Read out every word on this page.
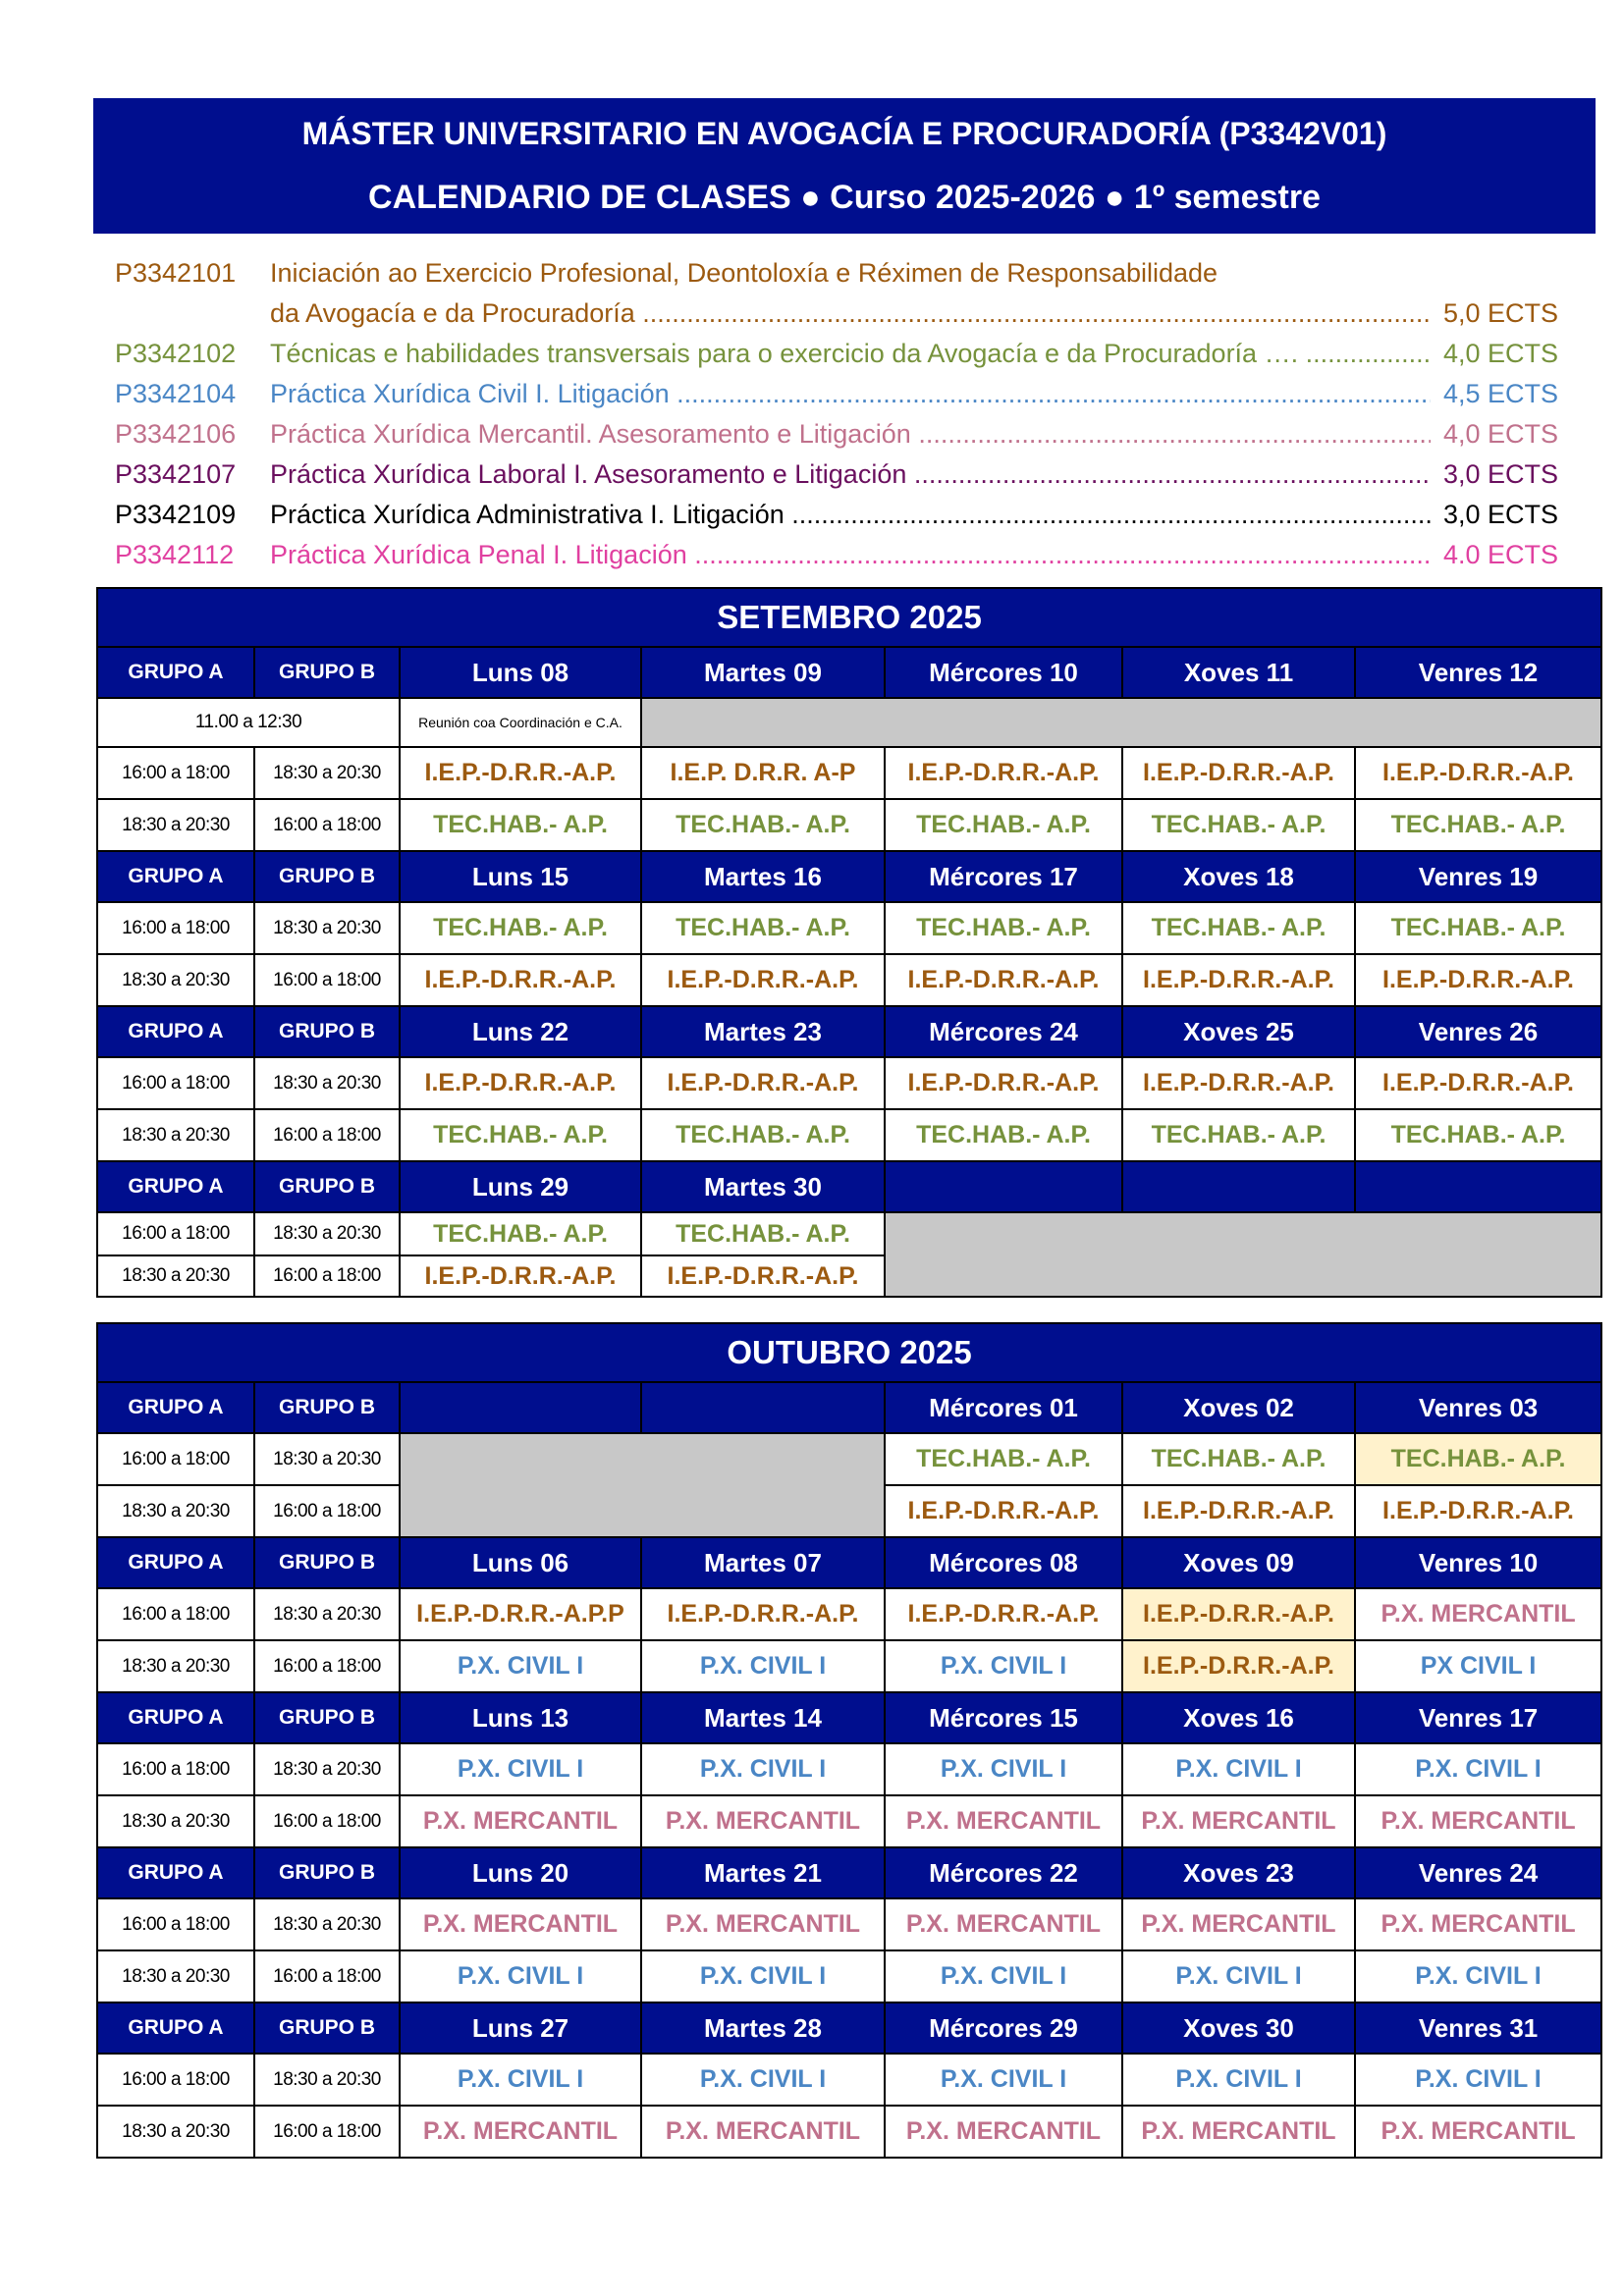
MÁSTER UNIVERSITARIO EN AVOGACÍA E PROCURADORÍA (P3342V01)
CALENDARIO DE CLASES ● Curso 2025-2026 ● 1º semestre
P3342101 Iniciación ao Exercicio Profesional, Deontoloxía e Réximen de Responsabilidade
da Avogacía e da Procuradoría .....	5,0 ECTS
P3342102 Técnicas e habilidades transversais para o exercicio da Avogacía e da Procuradoría …. .....	4,0 ECTS
P3342104 Práctica Xurídica Civil I. Litigación .....	4,5 ECTS
P3342106 Práctica Xurídica Mercantil. Asesoramento e Litigación .....	4,0 ECTS
P3342107 Práctica Xurídica Laboral I. Asesoramento e Litigación .....	3,0 ECTS
P3342109 Práctica Xurídica Administrativa I. Litigación .....	3,0 ECTS
P3342112 Práctica Xurídica Penal I. Litigación .....	4.0 ECTS
SETEMBRO 2025						
GRUPO A	GRUPO B	Luns 08	Martes 09	Mércores 10	Xoves 11	Venres 12
11.00 a 12:30		Reunión coa Coordinación e C.A.				
16:00 a 18:00	18:30 a 20:30	I.E.P.-D.R.R.-A.P.	I.E.P. D.R.R. A-P	I.E.P.-D.R.R.-A.P.	I.E.P.-D.R.R.-A.P.	I.E.P.-D.R.R.-A.P.
18:30 a 20:30	16:00 a 18:00	TEC.HAB.- A.P.	TEC.HAB.- A.P.	TEC.HAB.- A.P.	TEC.HAB.- A.P.	TEC.HAB.- A.P.
GRUPO A	GRUPO B	Luns 15	Martes 16	Mércores 17	Xoves 18	Venres 19
16:00 a 18:00	18:30 a 20:30	TEC.HAB.- A.P.	TEC.HAB.- A.P.	TEC.HAB.- A.P.	TEC.HAB.- A.P.	TEC.HAB.- A.P.
18:30 a 20:30	16:00 a 18:00	I.E.P.-D.R.R.-A.P.	I.E.P.-D.R.R.-A.P.	I.E.P.-D.R.R.-A.P.	I.E.P.-D.R.R.-A.P.	I.E.P.-D.R.R.-A.P.
GRUPO A	GRUPO B	Luns 22	Martes 23	Mércores 24	Xoves 25	Venres 26
16:00 a 18:00	18:30 a 20:30	I.E.P.-D.R.R.-A.P.	I.E.P.-D.R.R.-A.P.	I.E.P.-D.R.R.-A.P.	I.E.P.-D.R.R.-A.P.	I.E.P.-D.R.R.-A.P.
18:30 a 20:30	16:00 a 18:00	TEC.HAB.- A.P.	TEC.HAB.- A.P.	TEC.HAB.- A.P.	TEC.HAB.- A.P.	TEC.HAB.- A.P.
GRUPO A	GRUPO B	Luns 29	Martes 30			
16:00 a 18:00	18:30 a 20:30	TEC.HAB.- A.P.	TEC.HAB.- A.P.			
18:30 a 20:30	16:00 a 18:00	I.E.P.-D.R.R.-A.P.	I.E.P.-D.R.R.-A.P.			
OUTUBRO 2025						
GRUPO A	GRUPO B			Mércores 01	Xoves 02	Venres 03
16:00 a 18:00	18:30 a 20:30			TEC.HAB.- A.P.	TEC.HAB.- A.P.	TEC.HAB.- A.P.
18:30 a 20:30	16:00 a 18:00			I.E.P.-D.R.R.-A.P.	I.E.P.-D.R.R.-A.P.	I.E.P.-D.R.R.-A.P.
GRUPO A	GRUPO B	Luns 06	Martes 07	Mércores 08	Xoves 09	Venres 10
16:00 a 18:00	18:30 a 20:30	I.E.P.-D.R.R.-A.P.P	I.E.P.-D.R.R.-A.P.	I.E.P.-D.R.R.-A.P.	I.E.P.-D.R.R.-A.P.	P.X. MERCANTIL
18:30 a 20:30	16:00 a 18:00	P.X. CIVIL I	P.X. CIVIL I	P.X. CIVIL I	I.E.P.-D.R.R.-A.P.	PX CIVIL I
GRUPO A	GRUPO B	Luns 13	Martes 14	Mércores 15	Xoves 16	Venres 17
16:00 a 18:00	18:30 a 20:30	P.X. CIVIL I	P.X. CIVIL I	P.X. CIVIL I	P.X. CIVIL I	P.X. CIVIL I
18:30 a 20:30	16:00 a 18:00	P.X. MERCANTIL	P.X. MERCANTIL	P.X. MERCANTIL	P.X. MERCANTIL	P.X. MERCANTIL
GRUPO A	GRUPO B	Luns 20	Martes 21	Mércores 22	Xoves 23	Venres 24
16:00 a 18:00	18:30 a 20:30	P.X. MERCANTIL	P.X. MERCANTIL	P.X. MERCANTIL	P.X. MERCANTIL	P.X. MERCANTIL
18:30 a 20:30	16:00 a 18:00	P.X. CIVIL I	P.X. CIVIL I	P.X. CIVIL I	P.X. CIVIL I	P.X. CIVIL I
GRUPO A	GRUPO B	Luns 27	Martes 28	Mércores 29	Xoves 30	Venres 31
16:00 a 18:00	18:30 a 20:30	P.X. CIVIL I	P.X. CIVIL I	P.X. CIVIL I	P.X. CIVIL I	P.X. CIVIL I
18:30 a 20:30	16:00 a 18:00	P.X. MERCANTIL	P.X. MERCANTIL	P.X. MERCANTIL	P.X. MERCANTIL	P.X. MERCANTIL
